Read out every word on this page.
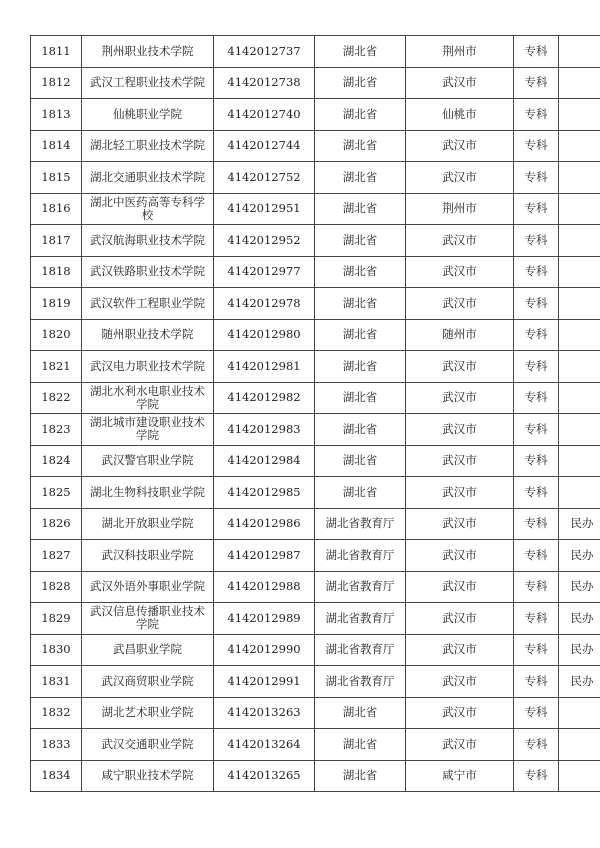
1811	荆州职业技术学院	4142012737	湖北省	荆州市	专科	
1812	武汉工程职业技术学院	4142012738	湖北省	武汉市	专科	
1813	仙桃职业学院	4142012740	湖北省	仙桃市	专科	
1814	湖北轻工职业技术学院	4142012744	湖北省	武汉市	专科	
1815	湖北交通职业技术学院	4142012752	湖北省	武汉市	专科	
1816	湖北中医药高等专科学校	4142012951	湖北省	荆州市	专科	
1817	武汉航海职业技术学院	4142012952	湖北省	武汉市	专科	
1818	武汉铁路职业技术学院	4142012977	湖北省	武汉市	专科	
1819	武汉软件工程职业学院	4142012978	湖北省	武汉市	专科	
1820	随州职业技术学院	4142012980	湖北省	随州市	专科	
1821	武汉电力职业技术学院	4142012981	湖北省	武汉市	专科	
1822	湖北水利水电职业技术学院	4142012982	湖北省	武汉市	专科	
1823	湖北城市建设职业技术学院	4142012983	湖北省	武汉市	专科	
1824	武汉警官职业学院	4142012984	湖北省	武汉市	专科	
1825	湖北生物科技职业学院	4142012985	湖北省	武汉市	专科	
1826	湖北开放职业学院	4142012986	湖北省教育厅	武汉市	专科	民办
1827	武汉科技职业学院	4142012987	湖北省教育厅	武汉市	专科	民办
1828	武汉外语外事职业学院	4142012988	湖北省教育厅	武汉市	专科	民办
1829	武汉信息传播职业技术学院	4142012989	湖北省教育厅	武汉市	专科	民办
1830	武昌职业学院	4142012990	湖北省教育厅	武汉市	专科	民办
1831	武汉商贸职业学院	4142012991	湖北省教育厅	武汉市	专科	民办
1832	湖北艺术职业学院	4142013263	湖北省	武汉市	专科	
1833	武汉交通职业学院	4142013264	湖北省	武汉市	专科	
1834	咸宁职业技术学院	4142013265	湖北省	咸宁市	专科	
